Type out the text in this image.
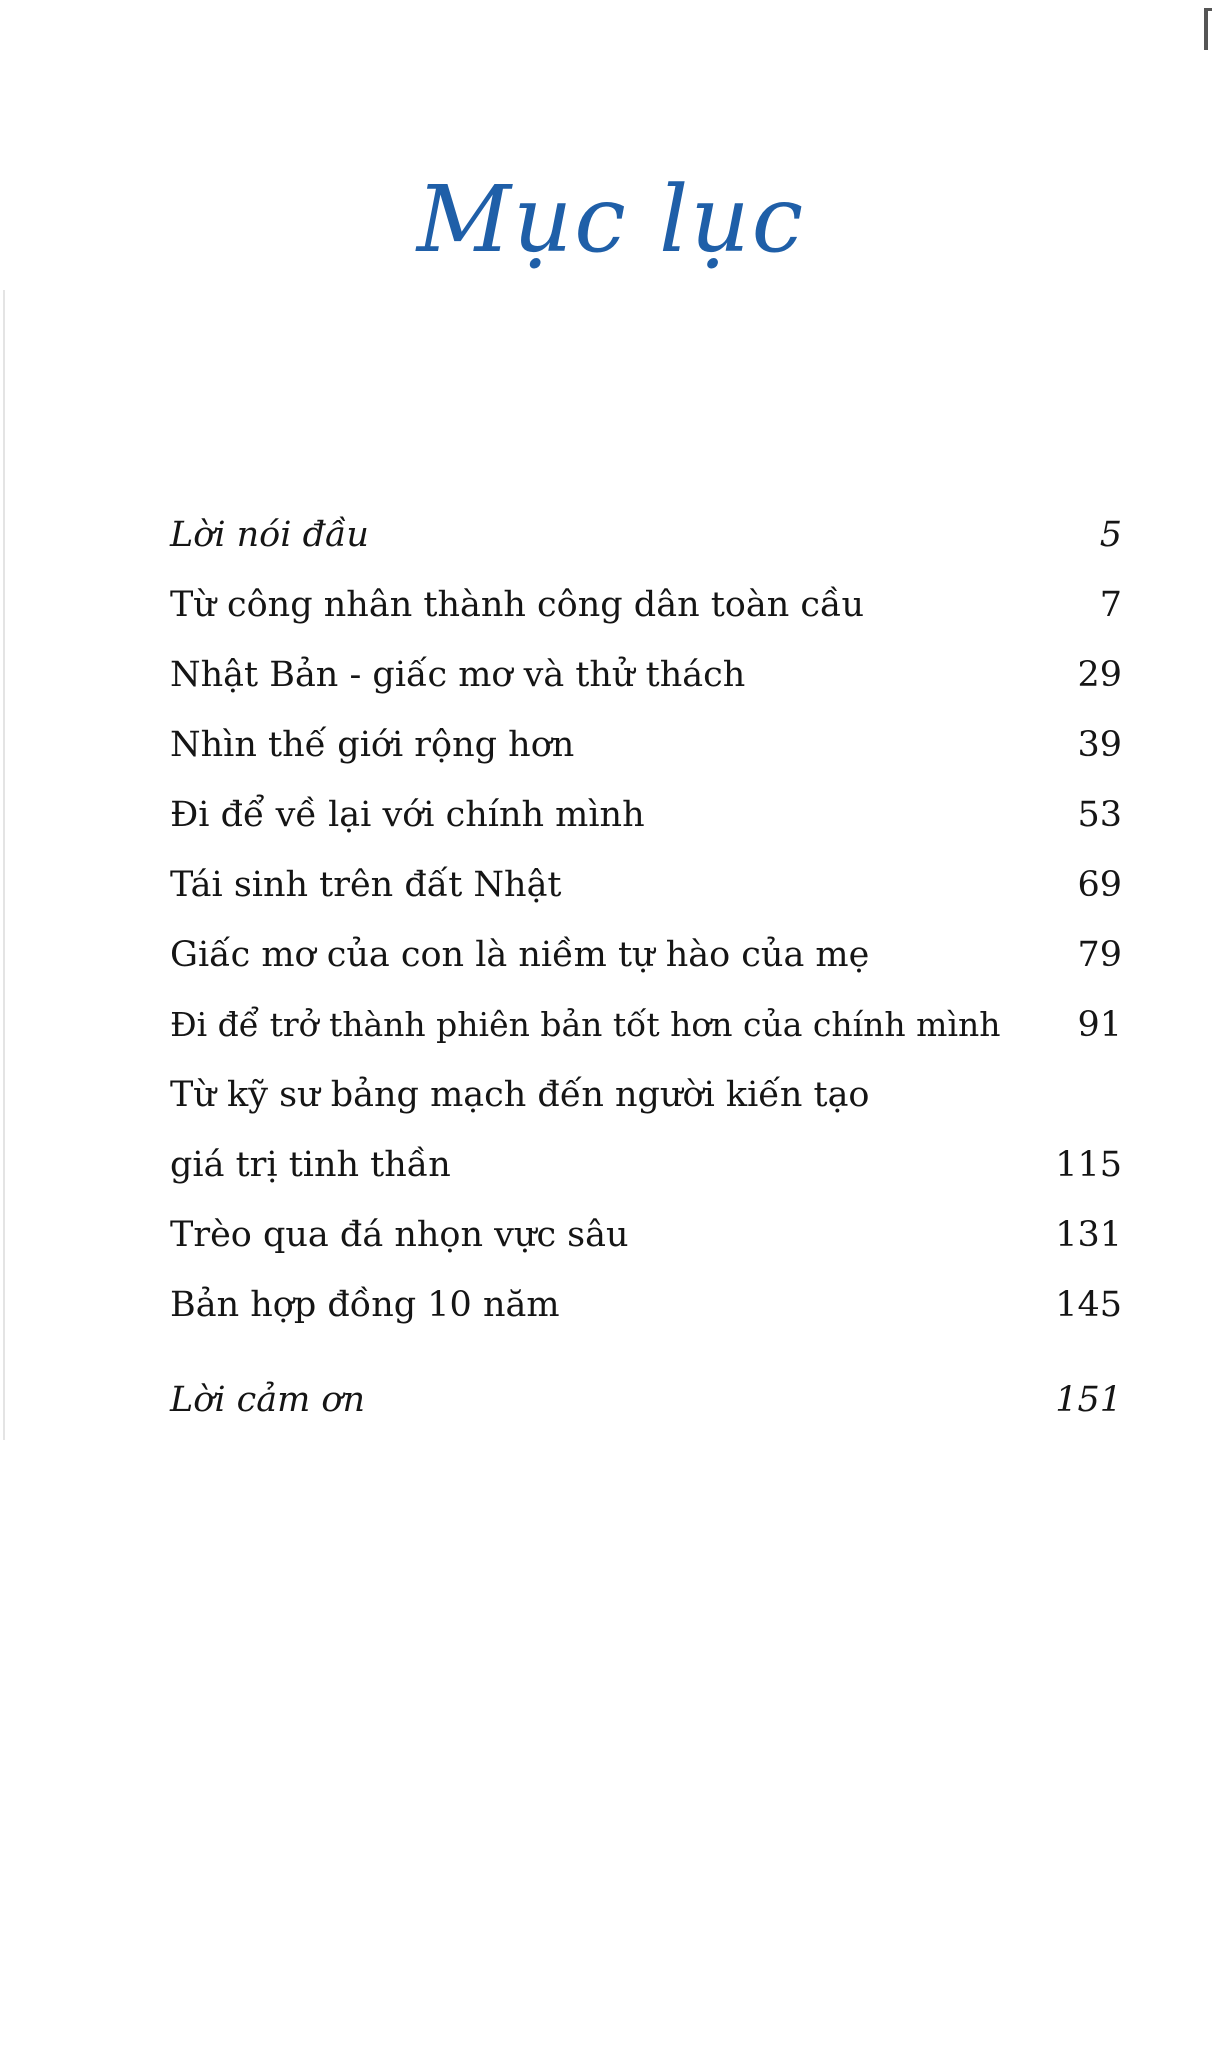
Mục lục
Lời nói đầu	5
Từ công nhân thành công dân toàn cầu	7
Nhật Bản - giấc mơ và thử thách	29
Nhìn thế giới rộng hơn	39
Đi để về lại với chính mình	53
Tái sinh trên đất Nhật	69
Giấc mơ của con là niềm tự hào của mẹ	79
Đi để trở thành phiên bản tốt hơn của chính mình 91
Từ kỹ sư bảng mạch đến người kiến tạo
giá trị tinh thần	115
Trèo qua đá nhọn vực sâu	131
Bản hợp đồng 10 năm	145
Lời cảm ơn	151
